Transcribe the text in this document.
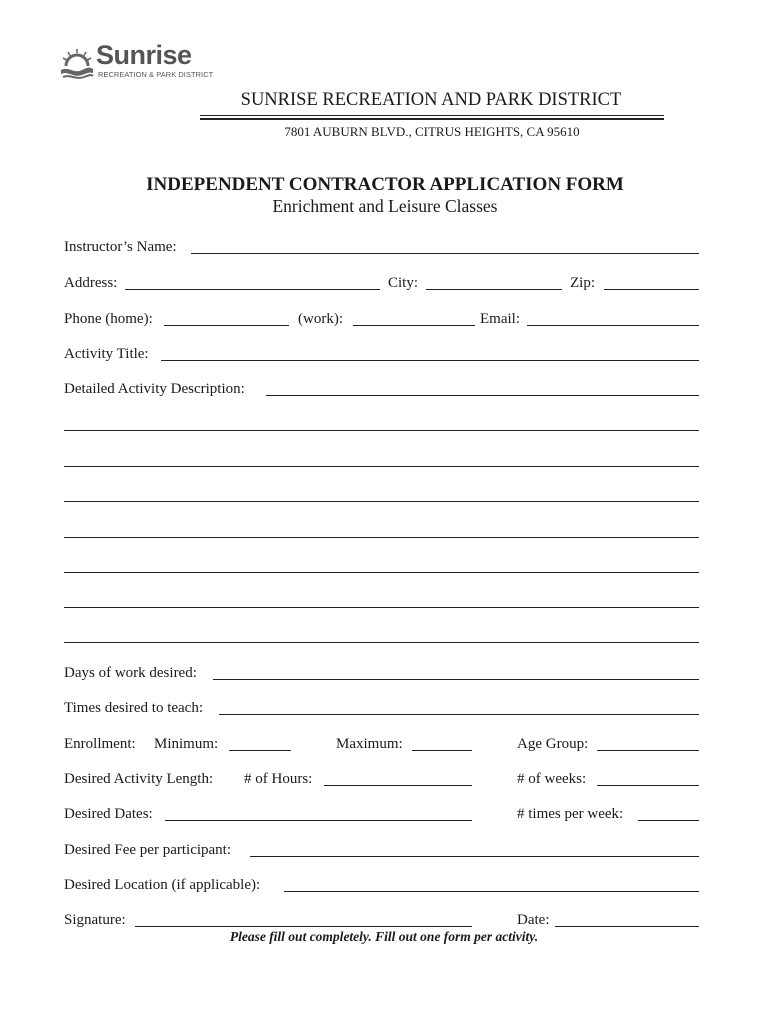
Sunrise
RECREATION & PARK DISTRICT
SUNRISE RECREATION AND PARK DISTRICT
7801 AUBURN BLVD., CITRUS HEIGHTS, CA 95610
INDEPENDENT CONTRACTOR APPLICATION FORM
Enrichment and Leisure Classes
Instructor’s Name:
Address:	City:	Zip:
Phone (home):	(work):	Email:
Activity Title:
Detailed Activity Description:
Days of work desired:
Times desired to teach:
Enrollment: Minimum:	Maximum:	Age Group:
Desired Activity Length: # of Hours:	# of weeks:
Desired Dates:	# times per week:
Desired Fee per participant:
Desired Location (if applicable):
Signature:	Date:
Please fill out completely. Fill out one form per activity.
